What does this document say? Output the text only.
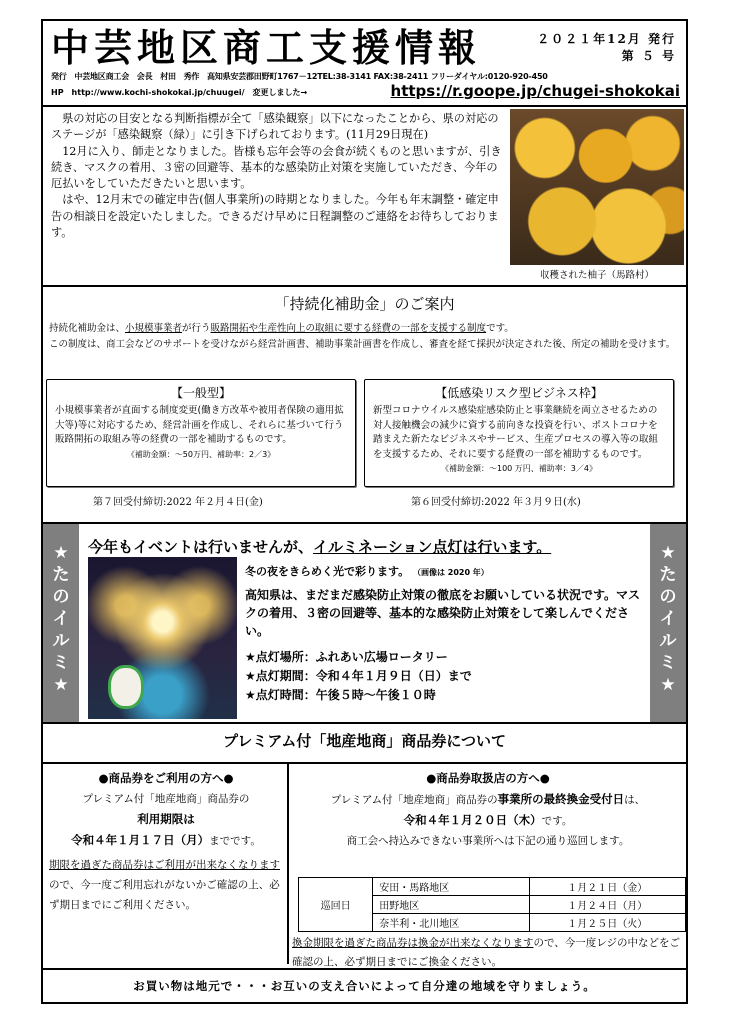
中芸地区商工支援情報	２０２１年12月 発行
第 ５ 号
発行　中芸地区商工会　会長　村田　秀作　高知県安芸郡田野町1767－12TEL:38-3141 FAX:38-2411 フリーダイヤル:0120-920-450
HP　http://www.kochi-shokokai.jp/chuugei/　変更しました→	https://r.goope.jp/chugei-shokokai

県の対応の目安となる判断指標が全て「感染観察」以下になったことから、県の対応のステージが「感染観察（緑）」に引き下げられております。(11月29日現在)

12月に入り、師走となりました。皆様も忘年会等の会食が続くものと思いますが、引き続き、マスクの着用、３密の回避等、基本的な感染防止対策を実施していただき、今年の厄払いをしていただきたいと思います。

はや、12月末での確定申告(個人事業所)の時期となりました。今年も年末調整・確定申告の相談日を設定いたしました。できるだけ早めに日程調整のご連絡をお待ちしております。

収穫された柚子（馬路村）
「持続化補助金」のご案内
持続化補助金は、小規模事業者が行う販路開拓や生産性向上の取組に要する経費の一部を支援する制度です。
この制度は、商工会などのサポートを受けながら経営計画書、補助事業計画書を作成し、審査を経て採択が決定された後、所定の補助を受けます。
【一般型】

小規模事業者が直面する制度変更(働き方改革や被用者保険の適用拡大等)等に対応するため、経営計画を作成し、それらに基づいて行う販路開拓の取組み等の経費の一部を補助するものです。

《補助金額：～50万円、補助率：2／3》

第７回受付締切:2022 年２月４日(金)
【低感染リスク型ビジネス枠】

新型コロナウイルス感染症感染防止と事業継続を両立させるための対人接触機会の減少に資する前向きな投資を行い、ポストコロナを踏まえた新たなビジネスやサービス、生産プロセスの導入等の取組を支援するため、それに要する経費の一部を補助するものです。

《補助金額：～100 万円、補助率：3／4》

第６回受付締切:2022 年３月９日(水)
★
た
の
イ
ル
ミ
★
★
た
の
イ
ル
ミ
★
今年もイベントは行いませんが、イルミネーション点灯は行います。
冬の夜をきらめく光で彩ります。 （画像は 2020 年）
高知県は、まだまだ感染防止対策の徹底をお願いしている状況です。マスクの着用、３密の回避等、基本的な感染防止対策をして楽しんでください。
★点灯場所：ふれあい広場ロータリー
★点灯期間：令和４年１月９日（日）まで
★点灯時間：午後５時～午後１０時
プレミアム付「地産地商」商品券について
●商品券をご利用の方へ●
プレミアム付「地産地商」商品券の
利用期限は
令和４年１月１７日（月）までです。
期限を過ぎた商品券はご利用が出来なくなりますので、今一度ご利用忘れがないかご確認の上、必ず期日までにご利用ください。
●商品券取扱店の方へ●
プレミアム付「地産地商」商品券の事業所の最終換金受付日は、
令和４年１月２０日（木）です。
商工会へ持込みできない事業所へは下記の通り巡回します。
巡回日	安田・馬路地区	１月２１日（金）
	田野地区	１月２４日（月）
	奈半利・北川地区	１月２５日（火）
換金期限を過ぎた商品券は換金が出来なくなりますので、今一度レジの中などをご確認の上、必ず期日までにご換金ください。
お買い物は地元で・・・お互いの支え合いによって自分達の地域を守りましょう。
